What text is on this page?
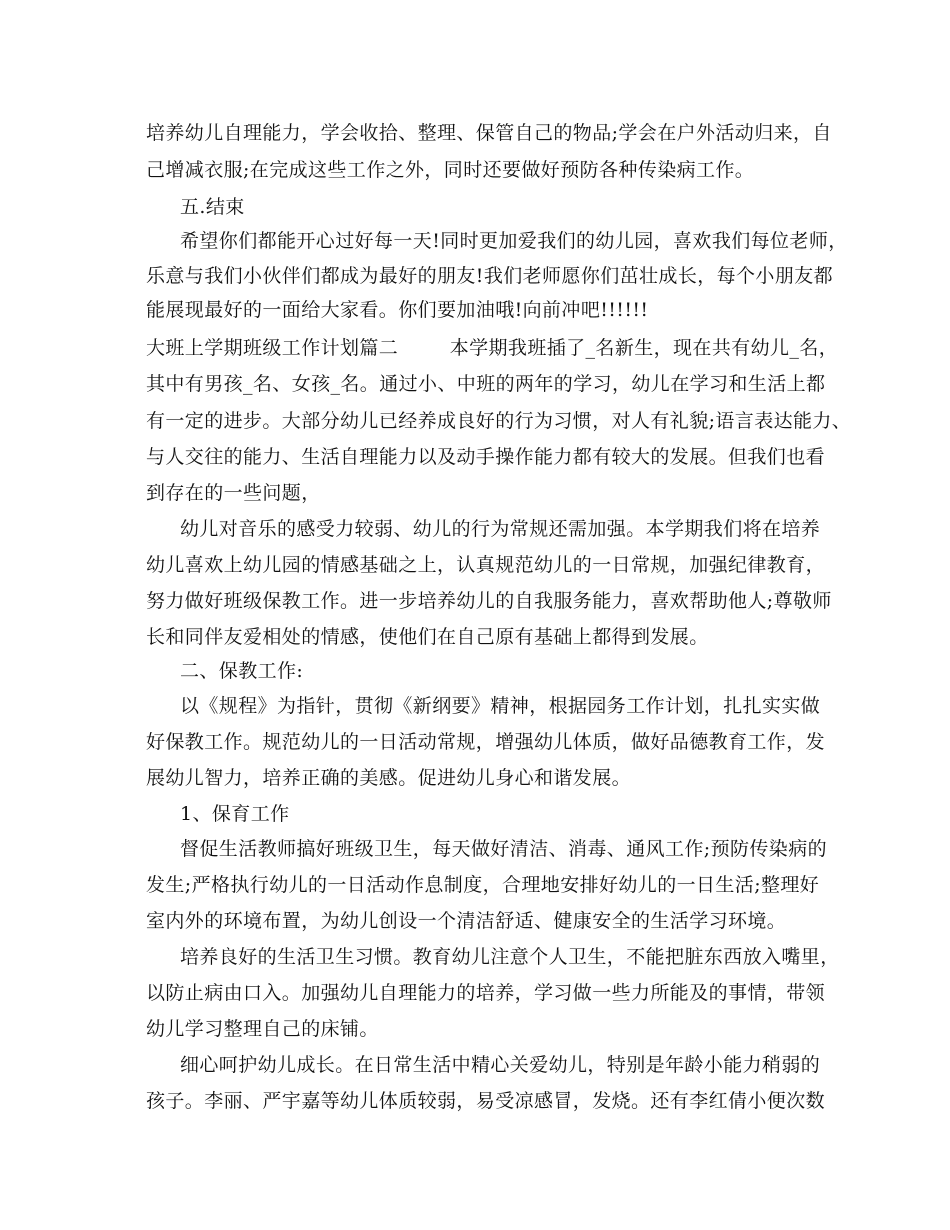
培养幼儿自理能力，学会收拾、整理、保管自己的物品;学会在户外活动归来，自
己增减衣服;在完成这些工作之外，同时还要做好预防各种传染病工作。
五.结束
希望你们都能开心过好每一天!同时更加爱我们的幼儿园，喜欢我们每位老师，
乐意与我们小伙伴们都成为最好的朋友!我们老师愿你们茁壮成长，每个小朋友都
能展现最好的一面给大家看。你们要加油哦!向前冲吧!!!!!!
大班上学期班级工作计划篇二        本学期我班插了_名新生，现在共有幼儿_名，
其中有男孩_名、女孩_名。通过小、中班的两年的学习，幼儿在学习和生活上都
有一定的进步。大部分幼儿已经养成良好的行为习惯，对人有礼貌;语言表达能力、
与人交往的能力、生活自理能力以及动手操作能力都有较大的发展。但我们也看
到存在的一些问题，
幼儿对音乐的感受力较弱、幼儿的行为常规还需加强。本学期我们将在培养
幼儿喜欢上幼儿园的情感基础之上，认真规范幼儿的一日常规，加强纪律教育，
努力做好班级保教工作。进一步培养幼儿的自我服务能力，喜欢帮助他人;尊敬师
长和同伴友爱相处的情感，使他们在自己原有基础上都得到发展。
二、保教工作:
以《规程》为指针，贯彻《新纲要》精神，根据园务工作计划，扎扎实实做
好保教工作。规范幼儿的一日活动常规，增强幼儿体质，做好品德教育工作，发
展幼儿智力，培养正确的美感。促进幼儿身心和谐发展。
1、保育工作
督促生活教师搞好班级卫生，每天做好清洁、消毒、通风工作;预防传染病的
发生;严格执行幼儿的一日活动作息制度，合理地安排好幼儿的一日生活;整理好
室内外的环境布置，为幼儿创设一个清洁舒适、健康安全的生活学习环境。
培养良好的生活卫生习惯。教育幼儿注意个人卫生，不能把脏东西放入嘴里，
以防止病由口入。加强幼儿自理能力的培养，学习做一些力所能及的事情，带领
幼儿学习整理自己的床铺。
细心呵护幼儿成长。在日常生活中精心关爱幼儿，特别是年龄小能力稍弱的
孩子。李丽、严宇嘉等幼儿体质较弱，易受凉感冒，发烧。还有李红倩小便次数
